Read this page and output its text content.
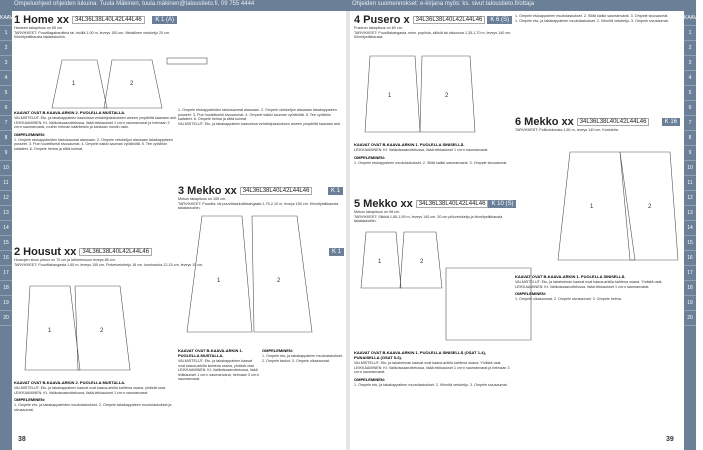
Ompeluohjeet ohjeiden lukuina: Tuula Mäkinen, tuula.mäkinen@taloustieto.fi, 09 755 4444	Ohjeiden suomennokset: e-kirjana myös: ks. sivut taloustieto.fi/ottaja
KAAVAT
1
2
3
4
5
6
7
8
9
10
11
12
13
14
15
16
17
18
19
20
KAAVAT
1
2
3
4
5
6
7
8
9
10
11
12
13
14
15
16
17
18
19
20
1 Home xx	34L36L38L40L42L44L46	K 1 (A)

Hameen takapituus on 65 cm.

TARVIKKEET: Puuvillagabardiinia tai -twilliä 1,00 m, leveys 150 cm. Metallinen vetoketju 20 cm. Kiinnitystikkausta takataskuihin.

1	2
KAAVAT OVAT B-KAAVA-ARKIN 2. PUOLELLA MUSTALLA.

VALMISTELUT: Etu- ja takakappaleen kaavoissa vetoketjulaskoksen alueen ympäriltä kaavaan asti.

LEIKKAAMINEN: Kt. Valikoissaanottelussa, lisää leikkaukset 1 cm:n saumanvarat ja helmaan 3 cm:n saumanvarat, muihin helman käänteisiin ja kankaan moniin osiin.

OMPELEMINEN:

1. Ompele etukappaleiden taskusaumat alaosaan. 2. Ompele vetoketjun alaosaan takakappaleen pusseet. 3. Pue huolellisesti sivusaumat. 4. Ompele kaikki sauman vyötäröltä. 5. Tee vyötärön kaitaleet. 6. Ompele helma ja silitä kulmat.

1. Ompele etukappaleiden taskusaumat alaosaan. 2. Ompele vetoketjun alaosaan takakappaleen pusseet. 3. Pue huolellisesti sivusaumat. 4. Ompele kaikki sauman vyötäröltä. 5. Tee vyötärön kaitaleet. 6. Ompele helma ja silitä kulmat.

VALMISTELUT: Etu- ja takakappaleen kaavoissa vetoketjulaskoksen alueen ympäriltä kaavaan asti.

2 Housut xx	34L36L38L40L42L44L46	K 1

Housujen sivun pituus on 70 cm ja lahkeensuun leveys 85 cm.

TARVIKKEET: Puuvillakangasta 1,65 m, leveys 150 cm. Polvetvetoketju 18 cm, kuminauha 12-15 cm, leveys 15 cm.

1	2
KAAVAT OVAT B-KAAVA-ARKIN 2. PUOLELLA MUSTALLA.

VALMISTELUT: Etu- ja takakappaleen kaavat ovat kaava-arkilla kahtena osana, yhdistä osat.

LEIKKAAMINEN: Kt. Valikoissaanottelussa, lisää leikkaukset 1 cm:n saumanvarat.

OMPELEMINEN:

1. Ompele etu- ja takakappaleiden muotolaskokset. 2. Ompele takakappaleen muotolaskokset ja sivusaumat.

3 Mekko xx	34L36L38L40L42L44L46	K 1

Mekon takapituus on 105 cm.

TARVIKKEET: Puuvilla- tai puuvillasekoitekangasta 1,75-2,10 m, leveys 150 cm. Kiinnitystikkausta takataskuihin.

1	2
KAAVAT OVAT B-KAAVA-ARKIN 1. PUOLELLA MUSTALLA.

VALMISTELUT: Etu- ja takakappaleen kaavat ovat kaava-arkilla kahtena osana, yhdistä osat.

LEIKKAAMINEN: Kt. Valikoissaanottelussa, lisää leikkaukset 1 cm:n saumanvarat, helmaan 3 cm:n saumanvarat.

OMPELEMINEN:

1. Ompele etu- ja takakappaleen muotolaskokset. 2. Ompele taskut. 3. Ompele olkasaumat.

4 Pusero x	34L36L38L40L42L44L46	K 6 (S)

Puseron takapituus on 60 cm.

TARVIKKEET: Puuvillakangasta, esim. poplinia, silkkiä tai viskoosia 1,35-1,70 m, leveys 140 cm. Kiinnitystikkausta.

1	2
KAAVAT OVAT B-KAAVA-ARKIN 1. PUOLELLA SINISELLÄ.

LEIKKAAMINEN: Kt. Valikoissaanottelussa, lisää leikkaukset 1 cm:n saumanvarat.

OMPELEMINEN:

1. Ompele etukappaleen muotolaskokset. 2. Silitä kaikki saumanvarat. 3. Ompele sivusaumat.

5 Mekko xx	34L36L38L40L42L44L46	K 10 (S)

Mekon takapituus on 98 cm.

TARVIKKEET: Silkkiä 1,85-1,95 m, leveys 140 cm. 30 cm piilovetoketju ja kiinnitystikkausta takataskuihin.

1	2
KAAVAT OVAT B-KAAVA-ARKIN 1. PUOLELLA SINISELLÄ (OSAT 1-4), PUNAISELLA (OSAT 5-6).

VALMISTELUT: Etu- ja takaheiman kaavat ovat kaava-arkilla kahtena osana. Yhdistä osat.

LEIKKAAMINEN: Kt. Valikoissaanottelussa, lisää leikkaukset 1 cm:n saumanvarat ja helmaan 3 cm:n saumanvarat.

OMPELEMINEN:

1. Ompele etu- ja takakappaleen muotolaskokset. 2. Kiinnitä vetoketju. 3. Ompele sivusaumat.

1. Ompele etukappaleen muotolaskokset. 2. Silitä kaikki saumanvarat. 3. Ompele sivusaumat.

1. Ompele etu- ja takakappaleen muotolaskokset. 2. Kiinnitä vetoketju. 3. Ompele sivusaumat.

6 Mekko xx	34L36L38L40L42L44L46	K 16

TARVIKKEET: Polikviskoosia 1,60 m, leveys 140 cm. Koristeita.

1	2
KAAVAT OVAT B-KAAVA-ARKIN 1. PUOLELLA SINISELLÄ.

VALMISTELUT: Etu- ja takaheiman kaavat ovat kaava-arkilla kahtena osana. Yhdistä osat.

LEIKKAAMINEN: Kt. Valikoissaanottelussa, lisää leikkaukset 1 cm:n saumanvarat.

OMPELEMINEN:

1. Ompele olkasaumat. 2. Ompele sivusaumat. 3. Ompele helma.

38	39
